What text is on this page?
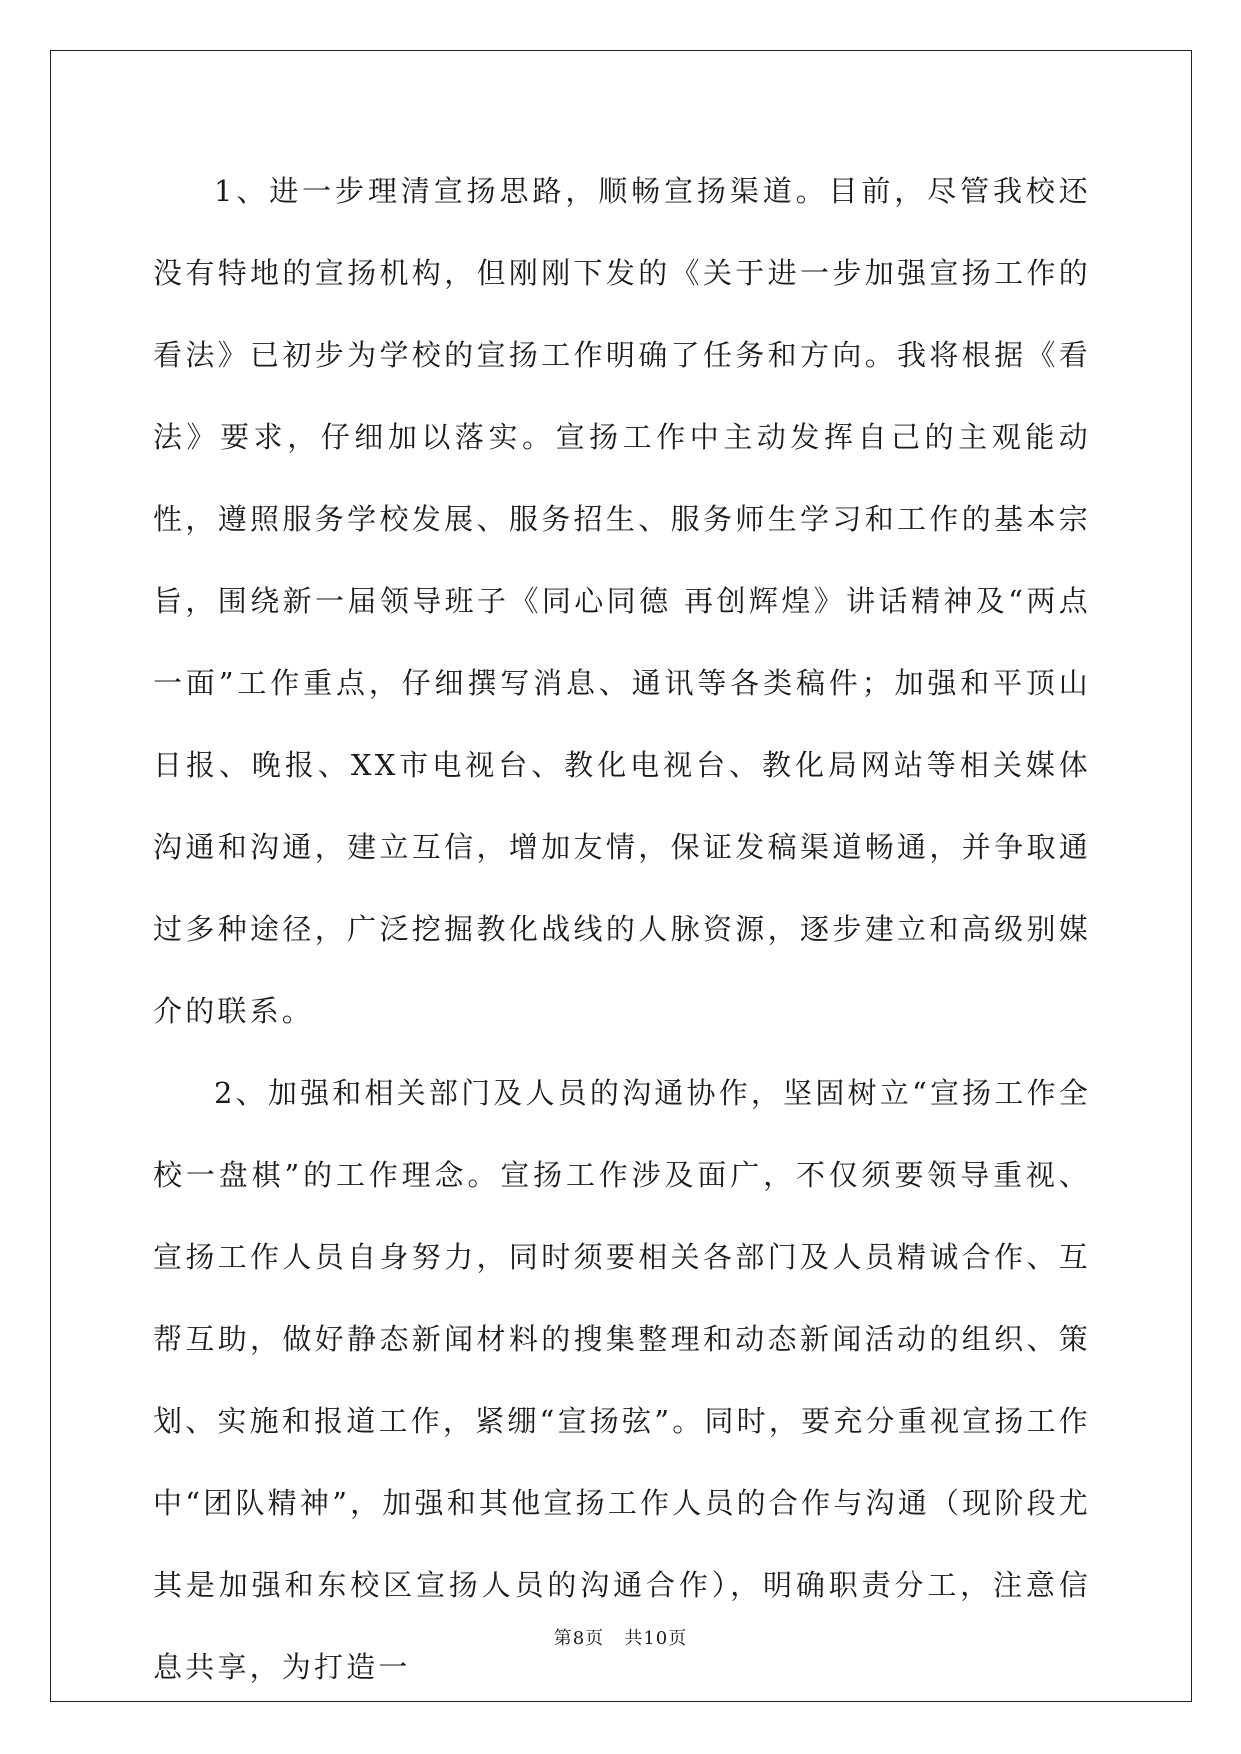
1、进一步理清宣扬思路，顺畅宣扬渠道。目前，尽管我校还没有特地的宣扬机构，但刚刚下发的《关于进一步加强宣扬工作的看法》已初步为学校的宣扬工作明确了任务和方向。我将根据《看法》要求，仔细加以落实。宣扬工作中主动发挥自己的主观能动性，遵照服务学校发展、服务招生、服务师生学习和工作的基本宗旨，围绕新一届领导班子《同心同德 再创辉煌》讲话精神及“两点一面”工作重点，仔细撰写消息、通讯等各类稿件；加强和平顶山日报、晚报、XX市电视台、教化电视台、教化局网站等相关媒体沟通和沟通，建立互信，增加友情，保证发稿渠道畅通，并争取通过多种途径，广泛挖掘教化战线的人脉资源，逐步建立和高级别媒介的联系。

2、加强和相关部门及人员的沟通协作，坚固树立“宣扬工作全校一盘棋”的工作理念。宣扬工作涉及面广，不仅须要领导重视、宣扬工作人员自身努力，同时须要相关各部门及人员精诚合作、互帮互助，做好静态新闻材料的搜集整理和动态新闻活动的组织、策划、实施和报道工作，紧绷“宣扬弦”。同时，要充分重视宣扬工作中“团队精神”，加强和其他宣扬工作人员的合作与沟通（现阶段尤其是加强和东校区宣扬人员的沟通合作），明确职责分工，注意信息共享，为打造一

第8页 共10页
